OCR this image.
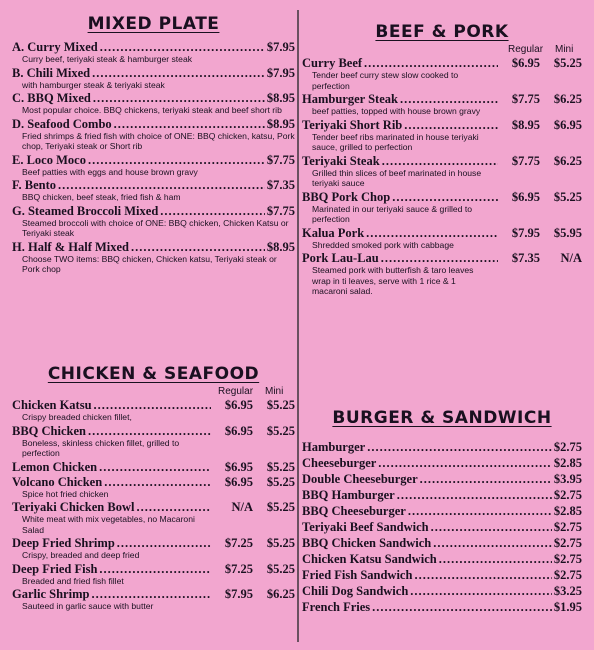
MIXED PLATE
A. Curry Mixed .....	$7.95
Curry beef, teriyaki steak & hamburger steak
B. Chili Mixed .....	$7.95
with hamburger steak & teriyaki steak
C. BBQ Mixed .....	$8.95
Most popular choice. BBQ chickens, teriyaki steak and beef short rib
D. Seafood Combo .....	$8.95
Fried shrimps & fried fish with choice of ONE: BBQ chicken, katsu, Pork chop, Teriyaki steak or Short rib
E. Loco Moco .....	$7.75
Beef patties with eggs and house brown gravy
F. Bento .....	$7.35
BBQ chicken, beef steak, fried fish & ham
G. Steamed Broccoli Mixed .....	$7.75
Steamed broccoli with choice of ONE: BBQ chicken, Chicken Katsu or Teriyaki steak
H. Half & Half Mixed .....	$8.95
Choose TWO items: BBQ chicken, Chicken katsu, Teriyaki steak or Pork chop
CHICKEN & SEAFOOD
Regular Mini
Chicken Katsu .....	$6.95	$5.25
Crispy breaded chicken fillet,
BBQ Chicken .....	$6.95	$5.25
Boneless, skinless chicken fillet, grilled to perfection
Lemon Chicken .....	$6.95	$5.25
Volcano Chicken .....	$6.95	$5.25
Spice hot fried chicken
Teriyaki Chicken Bowl .....	N/A	$5.25
White meat with mix vegetables, no Macaroni Salad
Deep Fried Shrimp .....	$7.25	$5.25
Crispy, breaded and deep fried
Deep Fried Fish .....	$7.25	$5.25
Breaded and fried fish fillet
Garlic Shrimp .....	$7.95	$6.25
Sauteed in garlic sauce with butter
BEEF & PORK
Regular Mini
Curry Beef .....	$6.95	$5.25
Tender beef curry stew slow cooked to perfection
Hamburger Steak .....	$7.75	$6.25
beef patties, topped with house brown gravy
Teriyaki Short Rib .....	$8.95	$6.95
Tender beef ribs marinated in house teriyaki sauce, grilled to perfection
Teriyaki Steak .....	$7.75	$6.25
Grilled thin slices of beef marinated in house teriyaki sauce
BBQ Pork Chop .....	$6.95	$5.25
Marinated in our teriyaki sauce & grilled to perfection
Kalua Pork .....	$7.95	$5.95
Shredded smoked pork with cabbage
Pork Lau-Lau .....	$7.35	N/A
Steamed pork with butterfish & taro leaves wrap in ti leaves, serve with 1 rice & 1 macaroni salad.
BURGER & SANDWICH
Hamburger .....	$2.75
Cheeseburger .....	$2.85
Double Cheeseburger .....	$3.95
BBQ Hamburger .....	$2.75
BBQ Cheeseburger .....	$2.85
Teriyaki Beef Sandwich .....	$2.75
BBQ Chicken Sandwich .....	$2.75
Chicken Katsu Sandwich .....	$2.75
Fried Fish Sandwich .....	$2.75
Chili Dog Sandwich .....	$3.25
French Fries .....	$1.95
